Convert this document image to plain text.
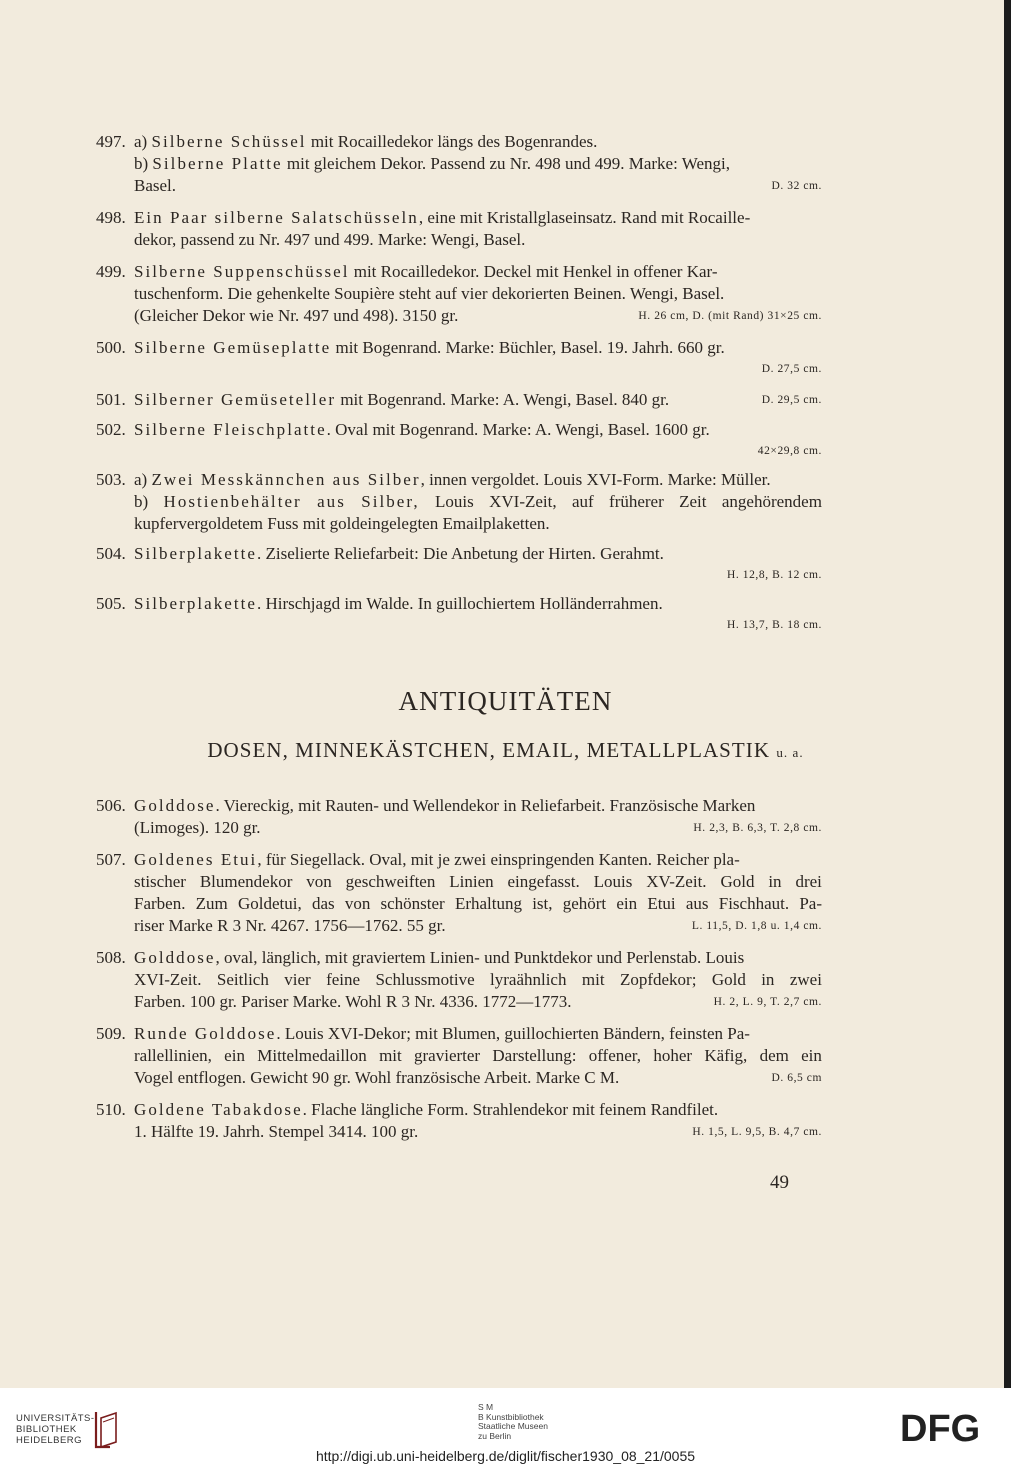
497. a) Silberne Schüssel mit Rocailledekor längs des Bogenrandes.
b) Silberne Platte mit gleichem Dekor. Passend zu Nr. 498 und 499. Marke: Wengi,
Basel.	D. 32 cm.
498. Ein Paar silberne Salatschüsseln, eine mit Kristallglaseinsatz. Rand mit Rocaille-
dekor, passend zu Nr. 497 und 499. Marke: Wengi, Basel.
499. Silberne Suppenschüssel mit Rocailledekor. Deckel mit Henkel in offener Kar-
tuschenform. Die gehenkelte Soupière steht auf vier dekorierten Beinen. Wengi, Basel.
(Gleicher Dekor wie Nr. 497 und 498). 3150 gr.	H. 26 cm, D. (mit Rand) 31×25 cm.
500. Silberne Gemüseplatte mit Bogenrand. Marke: Büchler, Basel. 19. Jahrh. 660 gr.
D. 27,5 cm.
501. Silberner Gemüseteller mit Bogenrand. Marke: A. Wengi, Basel. 840 gr.	D. 29,5 cm.
502. Silberne Fleischplatte. Oval mit Bogenrand. Marke: A. Wengi, Basel. 1600 gr.
42×29,8 cm.
503. a) Zwei Messkännchen aus Silber, innen vergoldet. Louis XVI-Form. Marke: Müller.
b) Hostienbehälter aus Silber, Louis XVI-Zeit, auf früherer Zeit angehörendem
kupfervergoldetem Fuss mit goldeingelegten Emailplaketten.
504. Silberplakette. Ziselierte Reliefarbeit: Die Anbetung der Hirten. Gerahmt.
H. 12,8, B. 12 cm.
505. Silberplakette. Hirschjagd im Walde. In guillochiertem Holländerrahmen.
H. 13,7, B. 18 cm.
506. Golddose. Viereckig, mit Rauten- und Wellendekor in Reliefarbeit. Französische Marken
(Limoges). 120 gr.	H. 2,3, B. 6,3, T. 2,8 cm.
507. Goldenes Etui, für Siegellack. Oval, mit je zwei einspringenden Kanten. Reicher pla-
stischer Blumendekor von geschweiften Linien eingefasst. Louis XV-Zeit. Gold in drei
Farben. Zum Goldetui, das von schönster Erhaltung ist, gehört ein Etui aus Fischhaut. Pa-
riser Marke R 3 Nr. 4267. 1756—1762. 55 gr.	L. 11,5, D. 1,8 u. 1,4 cm.
508. Golddose, oval, länglich, mit graviertem Linien- und Punktdekor und Perlenstab. Louis
XVI-Zeit. Seitlich vier feine Schlussmotive lyraähnlich mit Zopfdekor; Gold in zwei
Farben. 100 gr. Pariser Marke. Wohl R 3 Nr. 4336. 1772—1773.	H. 2, L. 9, T. 2,7 cm.
509. Runde Golddose. Louis XVI-Dekor; mit Blumen, guillochierten Bändern, feinsten Pa-
rallellinien, ein Mittelmedaillon mit gravierter Darstellung: offener, hoher Käfig, dem ein
Vogel entflogen. Gewicht 90 gr. Wohl französische Arbeit. Marke C M.	D. 6,5 cm
510. Goldene Tabakdose. Flache längliche Form. Strahlendekor mit feinem Randfilet.
1. Hälfte 19. Jahrh. Stempel 3414. 100 gr.	H. 1,5, L. 9,5, B. 4,7 cm.
ANTIQUITÄTEN
DOSEN, MINNEKÄSTCHEN, EMAIL, METALLPLASTIK u. a.
49
UNIVERSITÄTS-
BIBLIOTHEK
HEIDELBERG
S M
B Kunstbibliothek
Staatliche Museen
zu Berlin	DFG
http://digi.ub.uni-heidelberg.de/diglit/fischer1930_08_21/0055
